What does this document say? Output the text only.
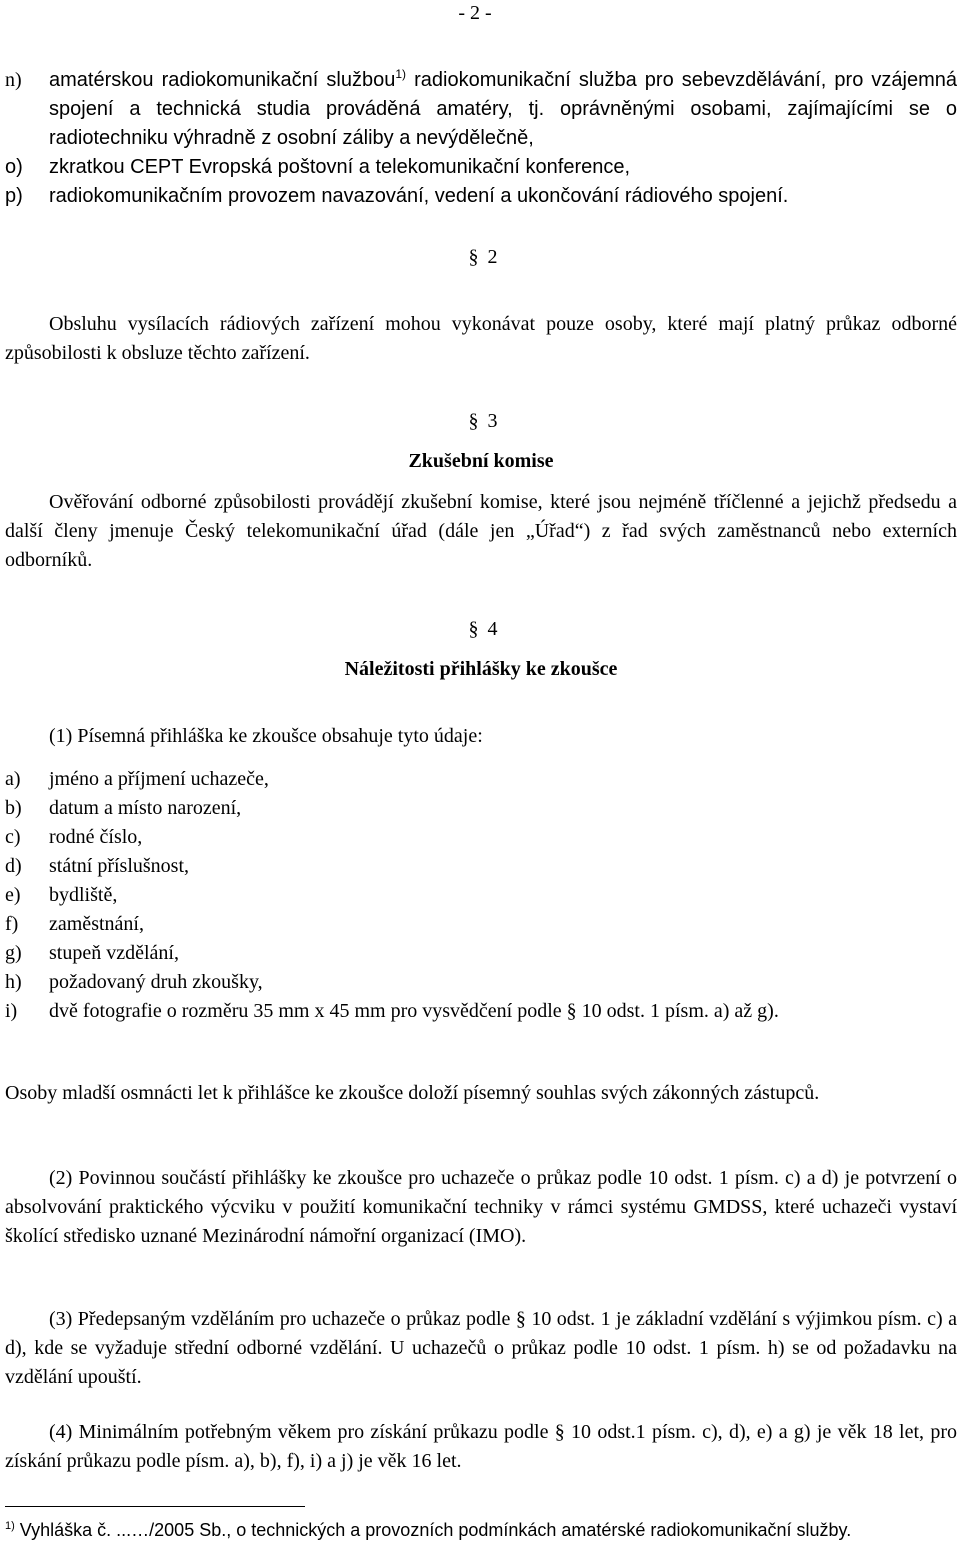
- 2 -
n) amatérskou radiokomunikační službou$^{1)}$ radiokomunikační služba pro sebevzdělávání, pro vzájemná spojení a technická studia prováděná amatéry, tj. oprávněnými osobami, zajímajícími se o radiotechniku výhradně z osobní záliby a nevýdělečně,
o) zkratkou CEPT Evropská poštovní a telekomunikační konference,
p) radiokomunikačním provozem navazování, vedení a ukončování rádiového spojení.
§ 2
Obsluhu vysílacích rádiových zařízení mohou vykonávat pouze osoby, které mají platný průkaz odborné způsobilosti k obsluze těchto zařízení.
§ 3
Zkušební komise
Ověřování odborné způsobilosti provádějí zkušební komise, které jsou nejméně tříčlenné a jejichž předsedu a další členy jmenuje Český telekomunikační úřad (dále jen „Úřad“) z řad svých zaměstnanců nebo externích odborníků.
§ 4
Náležitosti přihlášky ke zkoušce
(1) Písemná přihláška ke zkoušce obsahuje tyto údaje:
a) jméno a příjmení uchazeče,
b) datum a místo narození,
c) rodné číslo,
d) státní příslušnost,
e) bydliště,
f) zaměstnání,
g) stupeň vzdělání,
h) požadovaný druh zkoušky,
i) dvě fotografie o rozměru 35 mm x 45 mm pro vysvědčení podle § 10 odst. 1 písm. a) až g).
Osoby mladší osmnácti let k přihlášce ke zkoušce doloží písemný souhlas svých zákonných zástupců.
(2) Povinnou součástí přihlášky ke zkoušce pro uchazeče o průkaz podle 10 odst. 1 písm. c) a d) je potvrzení o absolvování praktického výcviku v použití komunikační techniky v rámci systému GMDSS, které uchazeči vystaví školící středisko uznané Mezinárodní námořní organizací (IMO).
(3) Předepsaným vzděláním pro uchazeče o průkaz podle § 10 odst. 1 je základní vzdělání s výjimkou písm. c) a d), kde se vyžaduje střední odborné vzdělání. U uchazečů o průkaz podle 10 odst. 1 písm. h) se od požadavku na vzdělání upouští.
(4) Minimálním potřebným věkem pro získání průkazu podle § 10 odst.1 písm. c), d), e) a g) je věk 18 let, pro získání průkazu podle písm. a), b), f), i) a j) je věk 16 let.
$^{1)}$ Vyhláška č. ...…/2005 Sb., o technických a provozních podmínkách amatérské radiokomunikační služby.
